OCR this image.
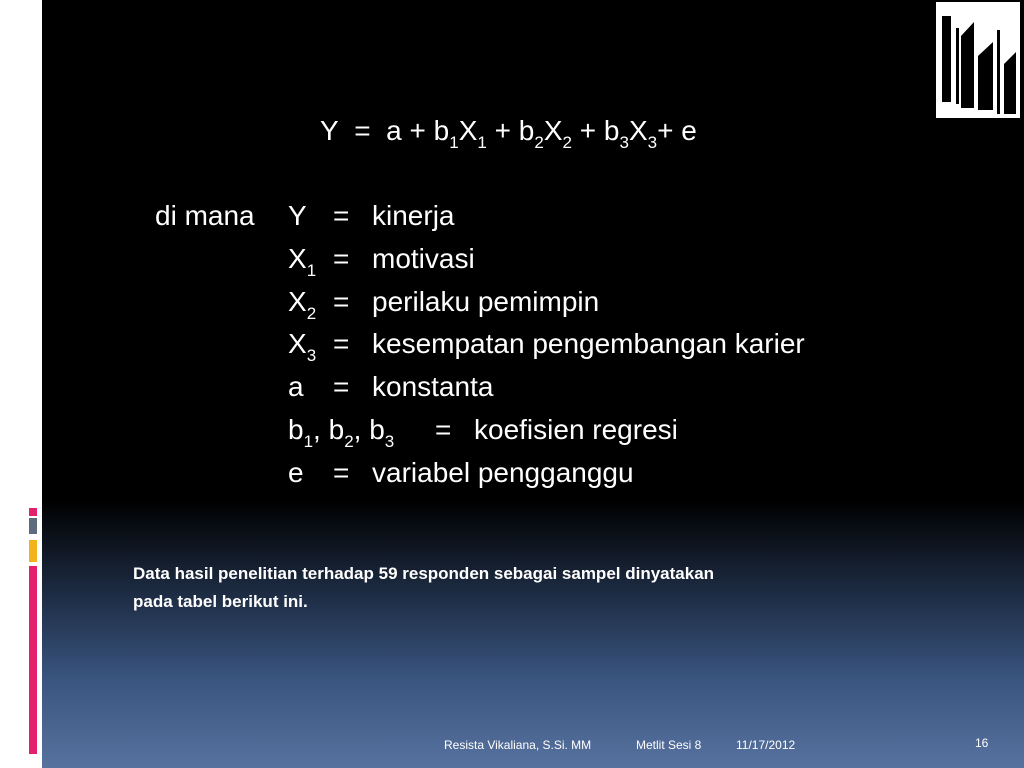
$Y = a + b_1X_1 + b_2X_2 + b_3X_3+ e$
di mana Y = kinerja
$X_1$ = motivasi
$X_2$ = perilaku pemimpin
$X_3$ = kesempatan pengembangan karier
a = konstanta
$b_1$, $b_2$, $b_3$ = koefisien regresi
e = variabel pengganggu
Data hasil penelitian terhadap 59 responden sebagai sampel dinyatakan
pada tabel berikut ini.
Resista Vikaliana, S.Si. MM	Metlit Sesi 8	11/17/2012	16
